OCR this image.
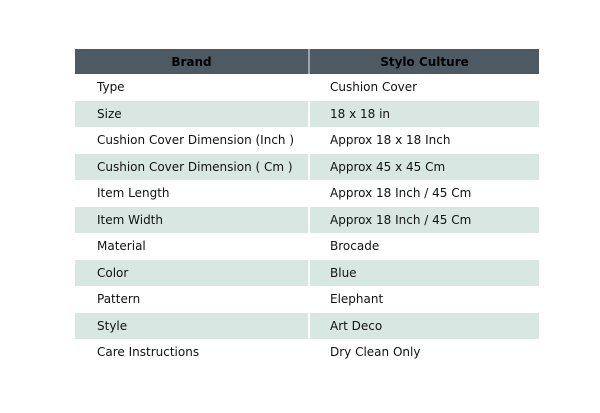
Brand	Stylo Culture
Type	Cushion Cover
Size	18 x 18 in
Cushion Cover Dimension (Inch )	Approx 18 x 18 Inch
Cushion Cover Dimension ( Cm )	Approx 45 x 45 Cm
Item Length	Approx 18 Inch / 45 Cm
Item Width	Approx 18 Inch / 45 Cm
Material	Brocade
Color	Blue
Pattern	Elephant
Style	Art Deco
Care Instructions	Dry Clean Only
